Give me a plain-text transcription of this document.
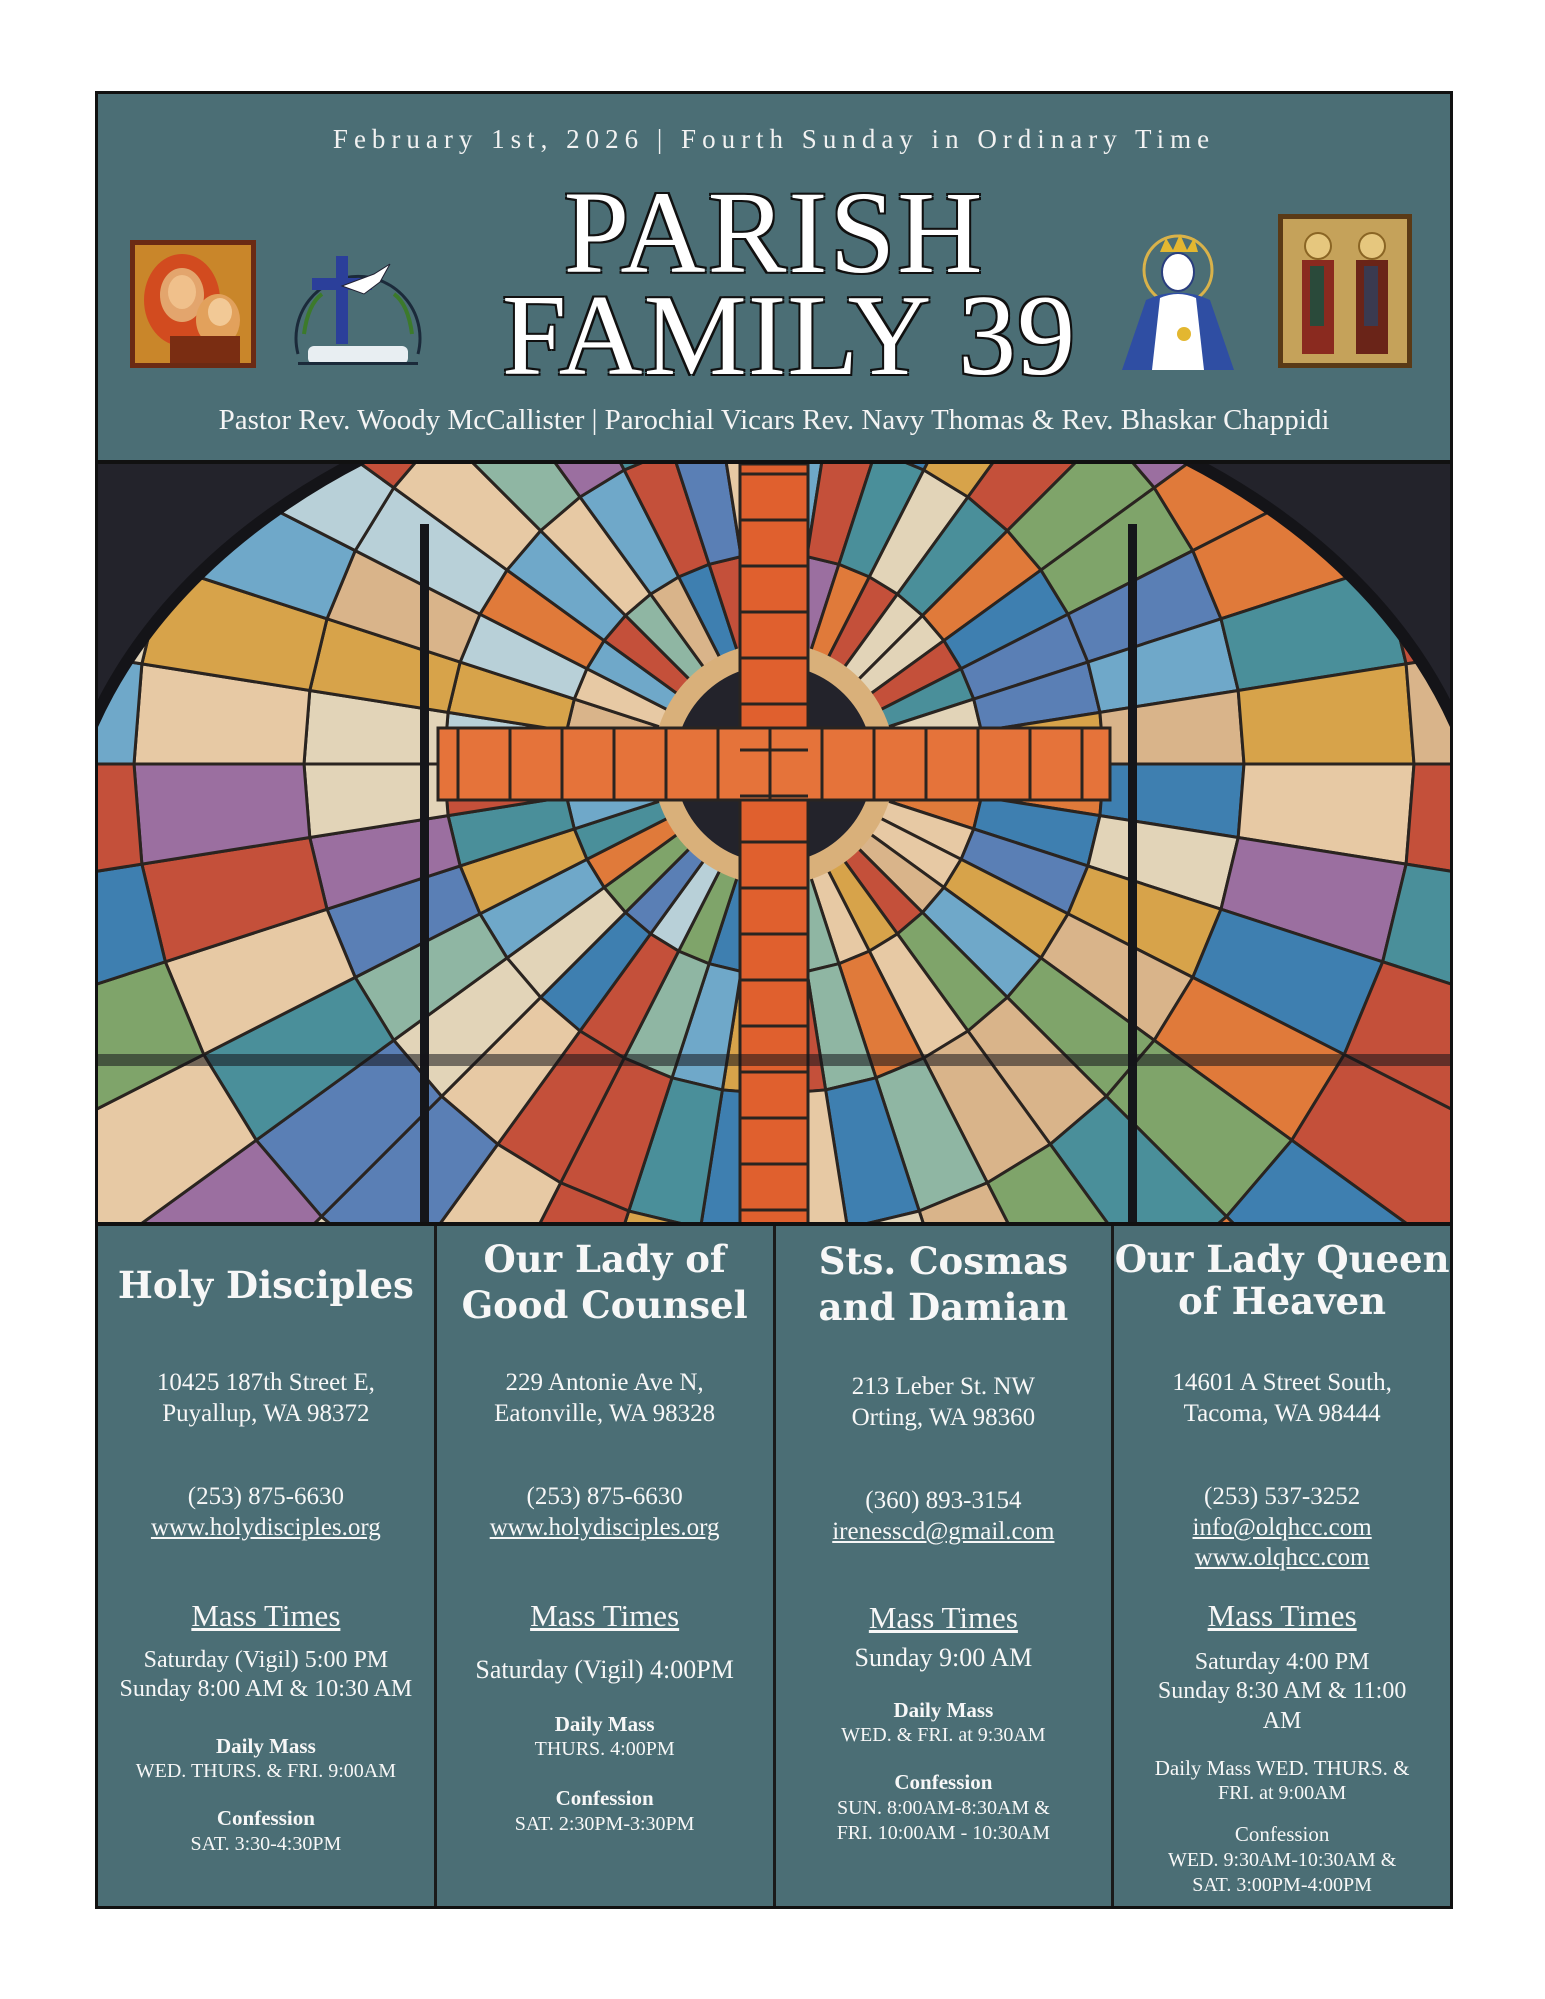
February 1st, 2026 | Fourth Sunday in Ordinary Time
PARISH
FAMILY 39
Pastor Rev. Woody McCallister | Parochial Vicars Rev. Navy Thomas & Rev. Bhaskar Chappidi
Holy Disciples
10425 187th Street E,
Puyallup, WA 98372
(253) 875-6630
www.holydisciples.org
Mass Times
Saturday (Vigil) 5:00 PM
Sunday 8:00 AM & 10:30 AM
Daily Mass
WED. THURS. & FRI. 9:00AM
Confession
SAT. 3:30-4:30PM
Our Lady of Good Counsel
229 Antonie Ave N,
Eatonville, WA 98328
(253) 875-6630
www.holydisciples.org
Mass Times
Saturday (Vigil) 4:00PM
Daily Mass
THURS. 4:00PM
Confession
SAT. 2:30PM-3:30PM
Sts. Cosmas and Damian
213 Leber St. NW
Orting, WA 98360
(360) 893-3154
irenesscd@gmail.com
Mass Times
Sunday 9:00 AM
Daily Mass
WED. & FRI. at 9:30AM
Confession
SUN. 8:00AM-8:30AM &
FRI. 10:00AM - 10:30AM
Our Lady Queen of Heaven
14601 A Street South,
Tacoma, WA 98444
(253) 537-3252
info@olqhcc.com
www.olqhcc.com
Mass Times
Saturday 4:00 PM
Sunday 8:30 AM & 11:00
AM
Daily Mass WED. THURS. &
FRI. at 9:00AM
Confession
WED. 9:30AM-10:30AM &
SAT. 3:00PM-4:00PM
